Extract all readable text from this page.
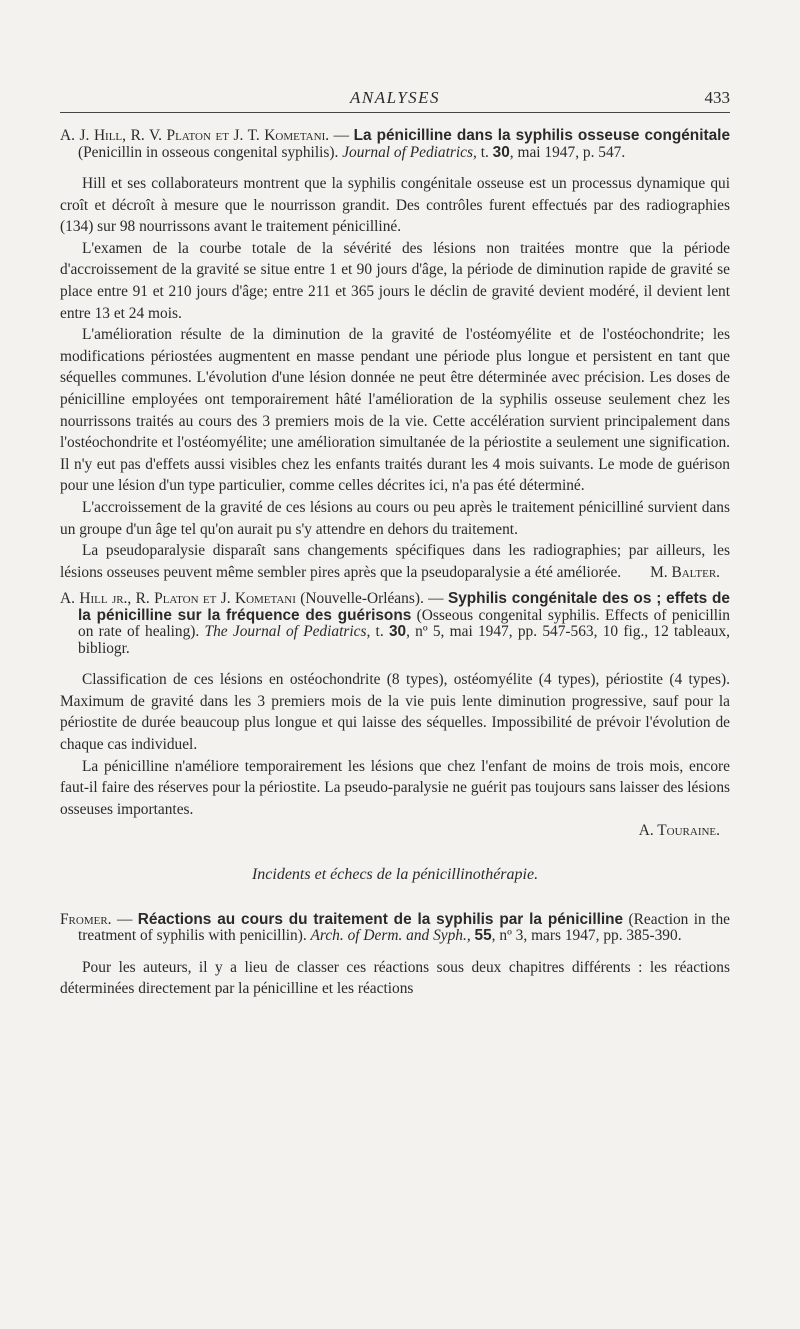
ANALYSES	433

A. J. Hill, R. V. Platon et J. T. Kometani. — La pénicilline dans la syphilis osseuse congénitale (Penicillin in osseous congenital syphilis). Journal of Pediatrics, t. 30, mai 1947, p. 547.

Hill et ses collaborateurs montrent que la syphilis congénitale osseuse est un processus dynamique qui croît et décroît à mesure que le nourrisson grandit. Des contrôles furent effectués par des radiographies (134) sur 98 nourrissons avant le traitement pénicilliné.

L'examen de la courbe totale de la sévérité des lésions non traitées montre que la période d'accroissement de la gravité se situe entre 1 et 90 jours d'âge, la période de diminution rapide de gravité se place entre 91 et 210 jours d'âge; entre 211 et 365 jours le déclin de gravité devient modéré, il devient lent entre 13 et 24 mois.

L'amélioration résulte de la diminution de la gravité de l'ostéomyélite et de l'ostéochondrite; les modifications périostées augmentent en masse pendant une période plus longue et persistent en tant que séquelles communes. L'évolution d'une lésion donnée ne peut être déterminée avec précision. Les doses de pénicilline employées ont temporairement hâté l'amélioration de la syphilis osseuse seulement chez les nourrissons traités au cours des 3 premiers mois de la vie. Cette accélération survient principalement dans l'ostéochondrite et l'ostéomyélite; une amélioration simultanée de la périostite a seulement une signification. Il n'y eut pas d'effets aussi visibles chez les enfants traités durant les 4 mois suivants. Le mode de guérison pour une lésion d'un type particulier, comme celles décrites ici, n'a pas été déterminé.

L'accroissement de la gravité de ces lésions au cours ou peu après le traitement pénicilliné survient dans un groupe d'un âge tel qu'on aurait pu s'y attendre en dehors du traitement.

La pseudoparalysie disparaît sans changements spécifiques dans les radiographies; par ailleurs, les lésions osseuses peuvent même sembler pires après que la pseudoparalysie a été améliorée.	M. Balter.

A. Hill jr., R. Platon et J. Kometani (Nouvelle-Orléans). — Syphilis congénitale des os ; effets de la pénicilline sur la fréquence des guérisons (Osseous congenital syphilis. Effects of penicillin on rate of healing). The Journal of Pediatrics, t. 30, nº 5, mai 1947, pp. 547-563, 10 fig., 12 tableaux, bibliogr.

Classification de ces lésions en ostéochondrite (8 types), ostéomyélite (4 types), périostite (4 types). Maximum de gravité dans les 3 premiers mois de la vie puis lente diminution progressive, sauf pour la périostite de durée beaucoup plus longue et qui laisse des séquelles. Impossibilité de prévoir l'évolution de chaque cas individuel.

La pénicilline n'améliore temporairement les lésions que chez l'enfant de moins de trois mois, encore faut-il faire des réserves pour la périostite. La pseudo-paralysie ne guérit pas toujours sans laisser des lésions osseuses importantes.

A. Touraine.

Incidents et échecs de la pénicillinothérapie.

Fromer. — Réactions au cours du traitement de la syphilis par la pénicilline (Reaction in the treatment of syphilis with penicillin). Arch. of Derm. and Syph., 55, nº 3, mars 1947, pp. 385-390.

Pour les auteurs, il y a lieu de classer ces réactions sous deux chapitres différents : les réactions déterminées directement par la pénicilline et les réactions
